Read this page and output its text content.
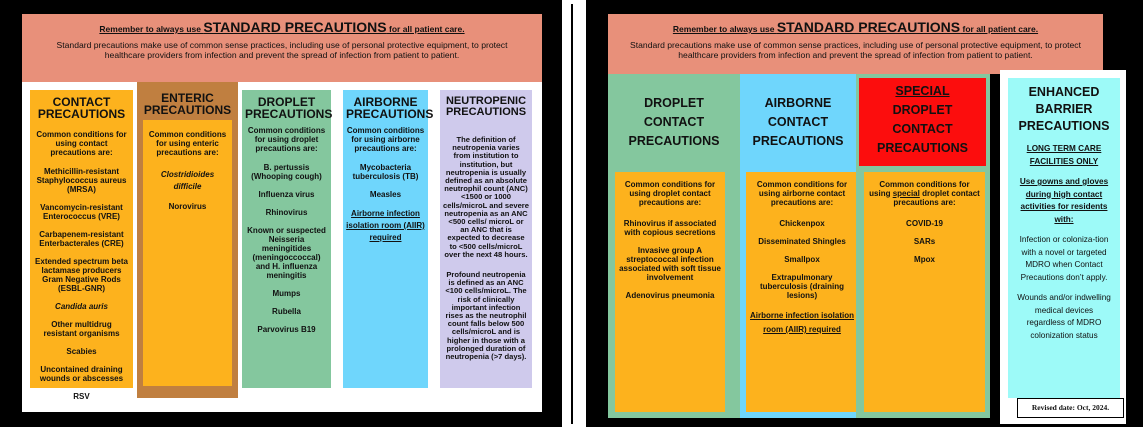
Remember to always use STANDARD PRECAUTIONS for all patient care.
Standard precautions make use of common sense practices, including use of personal protective equipment, to protect healthcare providers from infection and prevent the spread of infection from patient to patient.
CONTACT PRECAUTIONS

Common conditions for using contact precautions are:

Methicillin-resistant Staphylococcus aureus (MRSA)

Vancomycin-resistant Enterococcus (VRE)

Carbapenem-resistant Enterbacterales (CRE)

Extended spectrum beta lactamase producers Gram Negative Rods (ESBL-GNR)

Candida auris

Other multidrug resistant organisms

Scabies

Uncontained draining wounds or abscesses

RSV

ENTERIC PRECAUTIONS

Common conditions for using enteric precautions are:

Clostridioides difficile

Norovirus

DROPLET PRECAUTIONS

Common conditions for using droplet precautions are:

B. pertussis (Whooping cough)

Influenza virus

Rhinovirus

Known or suspected Neisseria meningitides (meningoccoccal) and H. influenza meningitis

Mumps

Rubella

Parvovirus B19

AIRBORNE PRECAUTIONS

Common conditions for using airborne precautions are:

Mycobacteria tuberculosis (TB)

Measles

Airborne infection isolation room (AIIR) required

NEUTROPENIC PRECAUTIONS

The definition of neutropenia varies from institution to institution, but neutropenia is usually defined as an absolute neutrophil count (ANC) <1500 or 1000 cells/microL and severe neutropenia as an ANC <500 cells/ microL or an ANC that is expected to decrease to <500 cells/microL over the next 48 hours.

Profound neutropenia is defined as an ANC <100 cells/microL. The risk of clinically important infection rises as the neutrophil count falls below 500 cells/microL and is higher in those with a prolonged duration of neutropenia (>7 days).

Remember to always use STANDARD PRECAUTIONS for all patient care.
Standard precautions make use of common sense practices, including use of personal protective equipment, to protect healthcare providers from infection and prevent the spread of infection from patient to patient.
DROPLET
CONTACT
PRECAUTIONS

Common conditions for using droplet contact precautions are:

Rhinovirus if associated with copious secretions

Invasive group A streptococcal infection associated with soft tissue involvement

Adenovirus pneumonia

AIRBORNE
CONTACT
PRECAUTIONS

Common conditions for using airborne contact precautions are:

Chickenpox

Disseminated Shingles

Smallpox

Extrapulmonary tuberculosis (draining lesions)

Airborne infection isolation room (AIIR) required

SPECIAL
DROPLET
CONTACT
PRECAUTIONS

Common conditions for using special droplet contact precautions are:

COVID-19

SARs

Mpox

ENHANCED
BARRIER
PRECAUTIONS

LONG TERM CARE FACILITIES ONLY

Use gowns and gloves during high contact activities for residents with:

Infection or coloniza-tion with a novel or targeted MDRO when Contact Precautions don’t apply.

Wounds and/or indwelling medical devices regardless of MDRO colonization status

Revised date: Oct, 2024.
